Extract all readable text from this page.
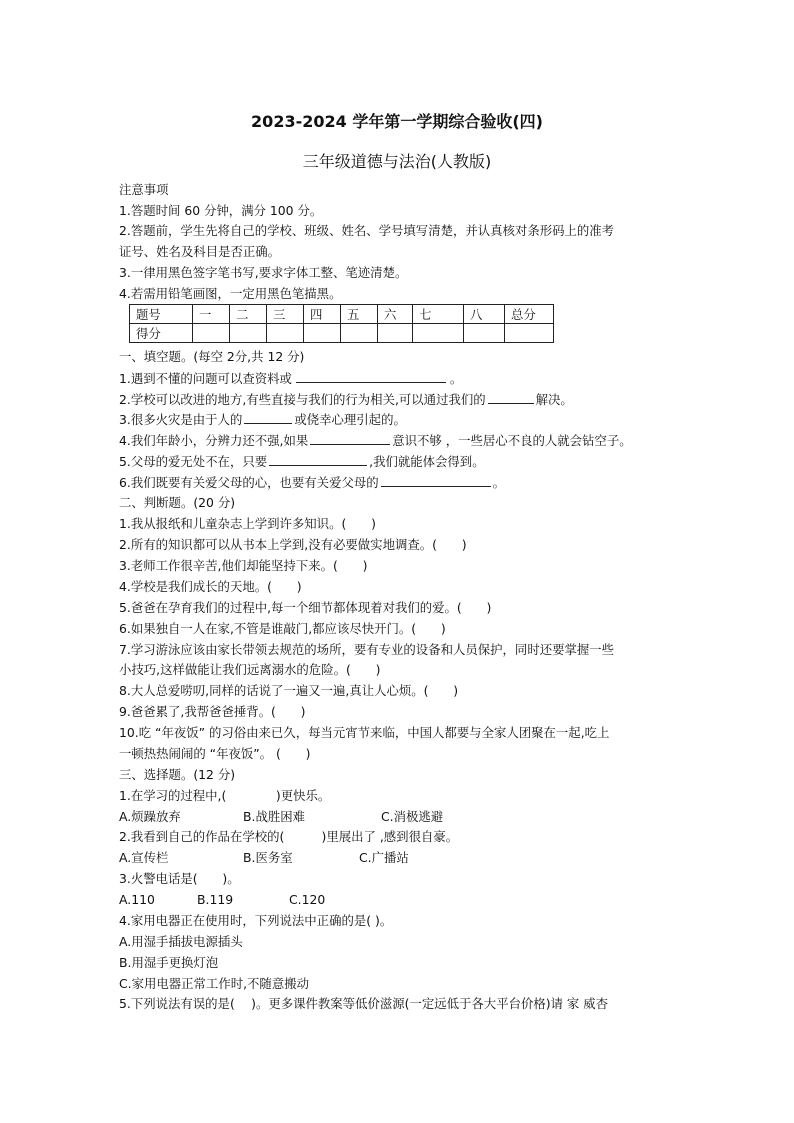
2023-2024 学年第一学期综合验收(四)
三年级道德与法治(人教版)
注意事项
1.答题时间 60 分钟，满分 100 分。
2.答题前，学生先将自己的学校、班级、姓名、学号填写清楚，并认真核对条形码上的准考
证号、姓名及科目是否正确。
3.一律用黑色签字笔书写,要求字体工整、笔迹清楚。
4.若需用铅笔画图，一定用黑色笔描黑。
题号	一	二	三	四	五	六	七	八	总分
得分									
一、填空题。(每空 2分,共 12 分)
1.遇到不懂的问题可以查资料或	。
2.学校可以改进的地方,有些直接与我们的行为相关,可以通过我们的	解决。
3.很多火灾是由于人的	或侥幸心理引起的。
4.我们年龄小，分辨力还不强,如果	意识不够 ，一些居心不良的人就会钻空子。
5.父母的爱无处不在，只要	,我们就能体会得到。
6.我们既要有关爱父母的心，也要有关爱父母的	。
二、判断题。(20 分)
1.我从报纸和儿童杂志上学到许多知识。(　　)
2.所有的知识都可以从书本上学到,没有必要做实地调查。(　　)
3.老师工作很辛苦,他们却能坚持下来。(　　)
4.学校是我们成长的天地。(　　)
5.爸爸在孕育我们的过程中,每一个细节都体现着对我们的爱。(　　)
6.如果独自一人在家,不管是谁敲门,都应该尽快开门。(　　)
7.学习游泳应该由家长带领去规范的场所，要有专业的设备和人员保护，同时还要掌握一些
小技巧,这样做能让我们远离溺水的危险。(　　)
8.大人总爱唠叨,同样的话说了一遍又一遍,真让人心烦。(　　)
9.爸爸累了,我帮爸爸捶背。(　　)
10.吃 “年夜饭” 的习俗由来已久，每当元宵节来临，中国人都要与全家人团聚在一起,吃上
一顿热热闹闹的 “年夜饭”。 (　　)
三、选择题。(12 分)
1.在学习的过程中,(　　　　)更快乐。
A.烦躁放弃	B.战胜困难	C.消极逃避
2.我看到自己的作品在学校的(　　　)里展出了 ,感到很自豪。
A.宣传栏	B.医务室	C.广播站
3.火警电话是(　　)。
A.110	B.119	C.120
4.家用电器正在使用时，下列说法中正确的是( )。
A.用湿手插拔电源插头
B.用湿手更换灯泡
C.家用电器正常工作时,不随意搬动
5.下列说法有误的是(　 )。更多课件教案等低价滋源(一定远低于各大平台价格)请 家 威杏
